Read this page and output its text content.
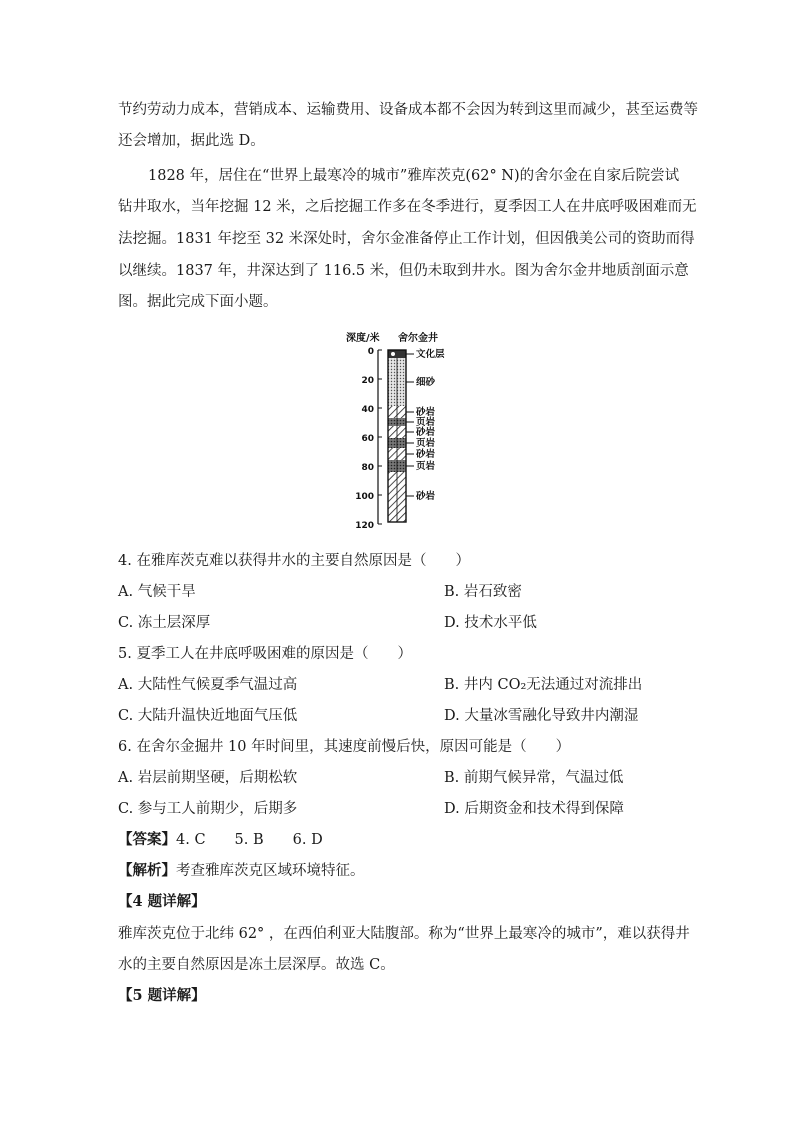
节约劳动力成本，营销成本、运输费用、设备成本都不会因为转到这里而减少，甚至运费等
还会增加，据此选 D。
1828 年，居住在“世界上最寒冷的城市”雅库茨克(62° N)的舍尔金在自家后院尝试
钻井取水，当年挖掘 12 米，之后挖掘工作多在冬季进行，夏季因工人在井底呼吸困难而无
法挖掘。1831 年挖至 32 米深处时，舍尔金准备停止工作计划，但因俄美公司的资助而得
以继续。1837 年，井深达到了 116.5 米，但仍未取到井水。图为舍尔金井地质剖面示意
图。据此完成下面小题。
深度/米 舍尔金井
0
20
40
60
80
100
120
文化层
细砂
砂岩
页岩
砂岩
页岩
砂岩
页岩
砂岩
4. 在雅库茨克难以获得井水的主要自然原因是（　　）
A. 气候干旱	B. 岩石致密
C. 冻土层深厚	D. 技术水平低
5. 夏季工人在井底呼吸困难的原因是（　　）
A. 大陆性气候夏季气温过高	B. 井内 CO₂无法通过对流排出
C. 大陆升温快近地面气压低	D. 大量冰雪融化导致井内潮湿
6. 在舍尔金掘井 10 年时间里，其速度前慢后快，原因可能是（　　）
A. 岩层前期坚硬，后期松软	B. 前期气候异常，气温过低
C. 参与工人前期少，后期多	D. 后期资金和技术得到保障
【答案】4. C　　5. B　　6. D
【解析】考查雅库茨克区域环境特征。
【4 题详解】
雅库茨克位于北纬 62° ，在西伯利亚大陆腹部。称为“世界上最寒冷的城市”，难以获得井
水的主要自然原因是冻土层深厚。故选 C。
【5 题详解】
